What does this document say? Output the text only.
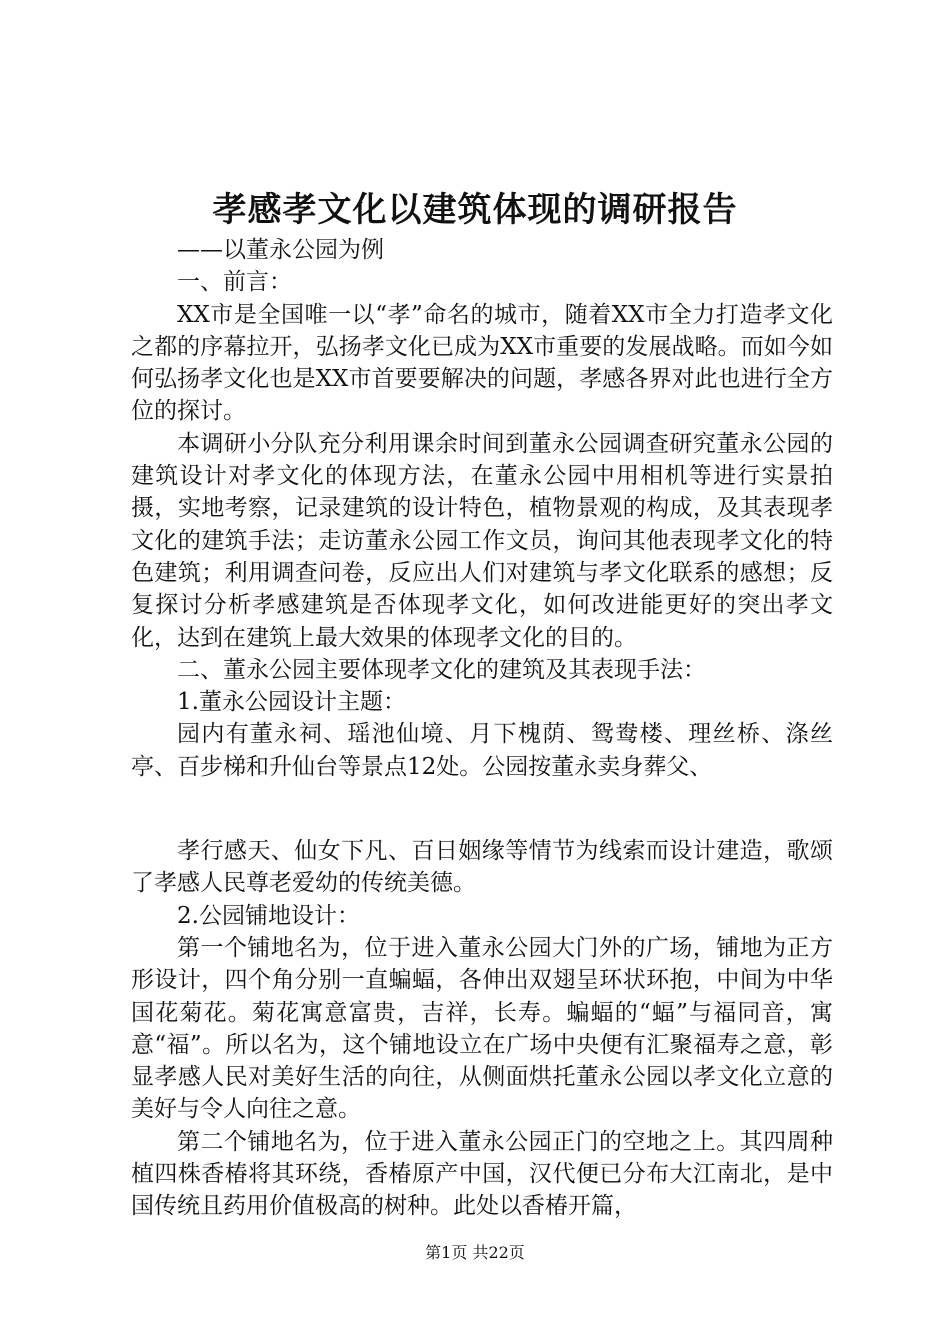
孝感孝文化以建筑体现的调研报告

——以董永公园为例

一、前言：

XX市是全国唯一以“孝”命名的城市，随着XX市全力打造孝文化之都的序幕拉开，弘扬孝文化已成为XX市重要的发展战略。而如今如何弘扬孝文化也是XX市首要要解决的问题，孝感各界对此也进行全方位的探讨。

本调研小分队充分利用课余时间到董永公园调查研究董永公园的建筑设计对孝文化的体现方法，在董永公园中用相机等进行实景拍摄，实地考察，记录建筑的设计特色，植物景观的构成，及其表现孝文化的建筑手法；走访董永公园工作文员，询问其他表现孝文化的特色建筑；利用调查问卷，反应出人们对建筑与孝文化联系的感想；反复探讨分析孝感建筑是否体现孝文化，如何改进能更好的突出孝文化，达到在建筑上最大效果的体现孝文化的目的。

二、董永公园主要体现孝文化的建筑及其表现手法：

1.董永公园设计主题：

园内有董永祠、瑶池仙境、月下槐荫、鸳鸯楼、理丝桥、涤丝亭、百步梯和升仙台等景点12处。公园按董永卖身葬父、

孝行感天、仙女下凡、百日姻缘等情节为线索而设计建造，歌颂了孝感人民尊老爱幼的传统美德。

2.公园铺地设计：

第一个铺地名为，位于进入董永公园大门外的广场，铺地为正方形设计，四个角分别一直蝙蝠，各伸出双翅呈环状环抱，中间为中华国花菊花。菊花寓意富贵，吉祥，长寿。蝙蝠的“蝠”与福同音，寓意“福”。所以名为，这个铺地设立在广场中央便有汇聚福寿之意，彰显孝感人民对美好生活的向往，从侧面烘托董永公园以孝文化立意的美好与令人向往之意。

第二个铺地名为，位于进入董永公园正门的空地之上。其四周种植四株香椿将其环绕，香椿原产中国，汉代便已分布大江南北，是中国传统且药用价值极高的树种。此处以香椿开篇，

第1页 共22页
